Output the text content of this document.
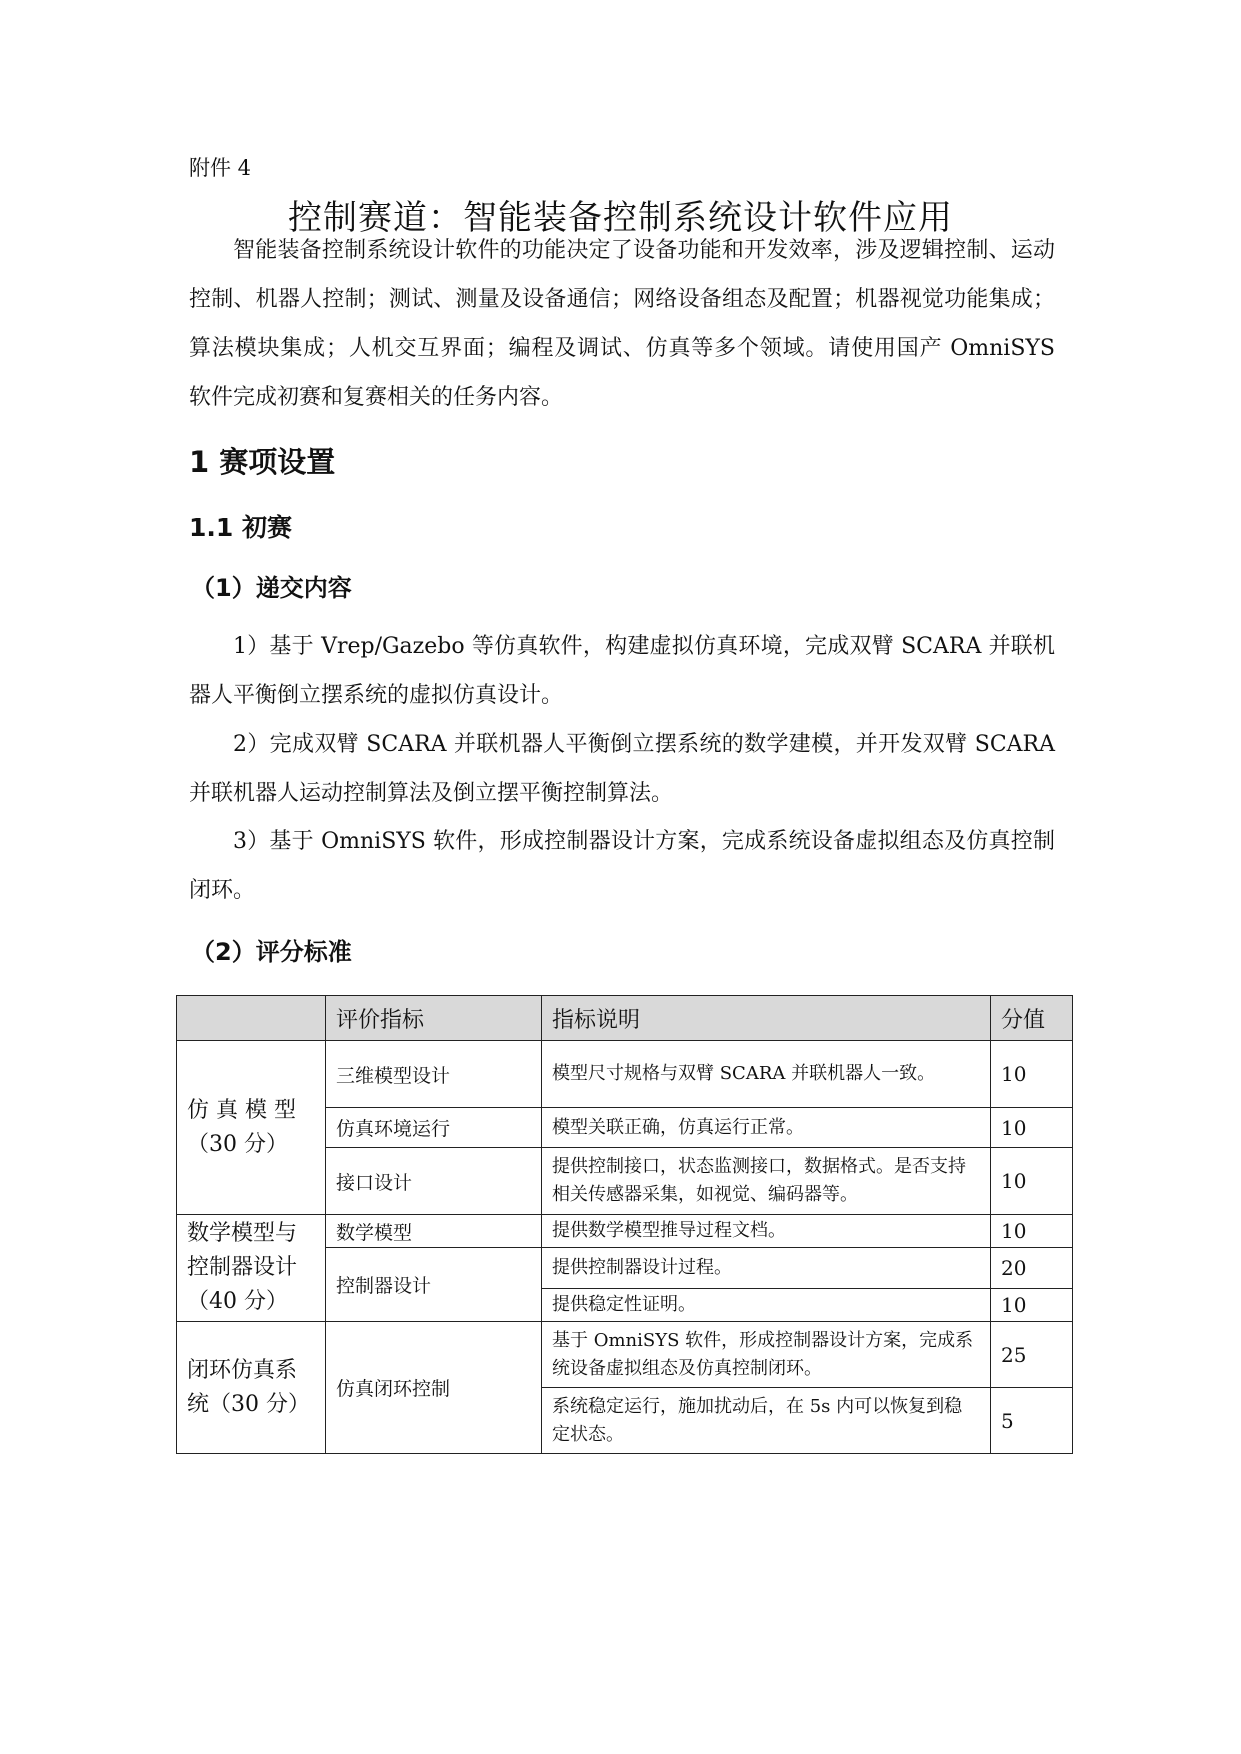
附件 4
控制赛道：智能装备控制系统设计软件应用
智能装备控制系统设计软件的功能决定了设备功能和开发效率，涉及逻辑控制、运动控制、机器人控制；测试、测量及设备通信；网络设备组态及配置；机器视觉功能集成；算法模块集成；人机交互界面；编程及调试、仿真等多个领域。请使用国产 OmniSYS 软件完成初赛和复赛相关的任务内容。
1 赛项设置
1.1 初赛
（1）递交内容
1）基于 Vrep/Gazebo 等仿真软件，构建虚拟仿真环境，完成双臂 SCARA 并联机器人平衡倒立摆系统的虚拟仿真设计。
2）完成双臂 SCARA 并联机器人平衡倒立摆系统的数学建模，并开发双臂 SCARA 并联机器人运动控制算法及倒立摆平衡控制算法。
3）基于 OmniSYS 软件，形成控制器设计方案，完成系统设备虚拟组态及仿真控制闭环。
（2）评分标准
	评价指标	指标说明	分值
仿 真 模 型（30 分）	三维模型设计	模型尺寸规格与双臂 SCARA 并联机器人一致。	10
	仿真环境运行	模型关联正确，仿真运行正常。	10
	接口设计	提供控制接口，状态监测接口，数据格式。是否支持相关传感器采集，如视觉、编码器等。	10
数学模型与控制器设计（40 分）	数学模型	提供数学模型推导过程文档。	10
	控制器设计	提供控制器设计过程。	20
		提供稳定性证明。	10
闭环仿真系统（30 分）	仿真闭环控制	基于 OmniSYS 软件，形成控制器设计方案，完成系统设备虚拟组态及仿真控制闭环。	25
		系统稳定运行，施加扰动后，在 5s 内可以恢复到稳定状态。	5
